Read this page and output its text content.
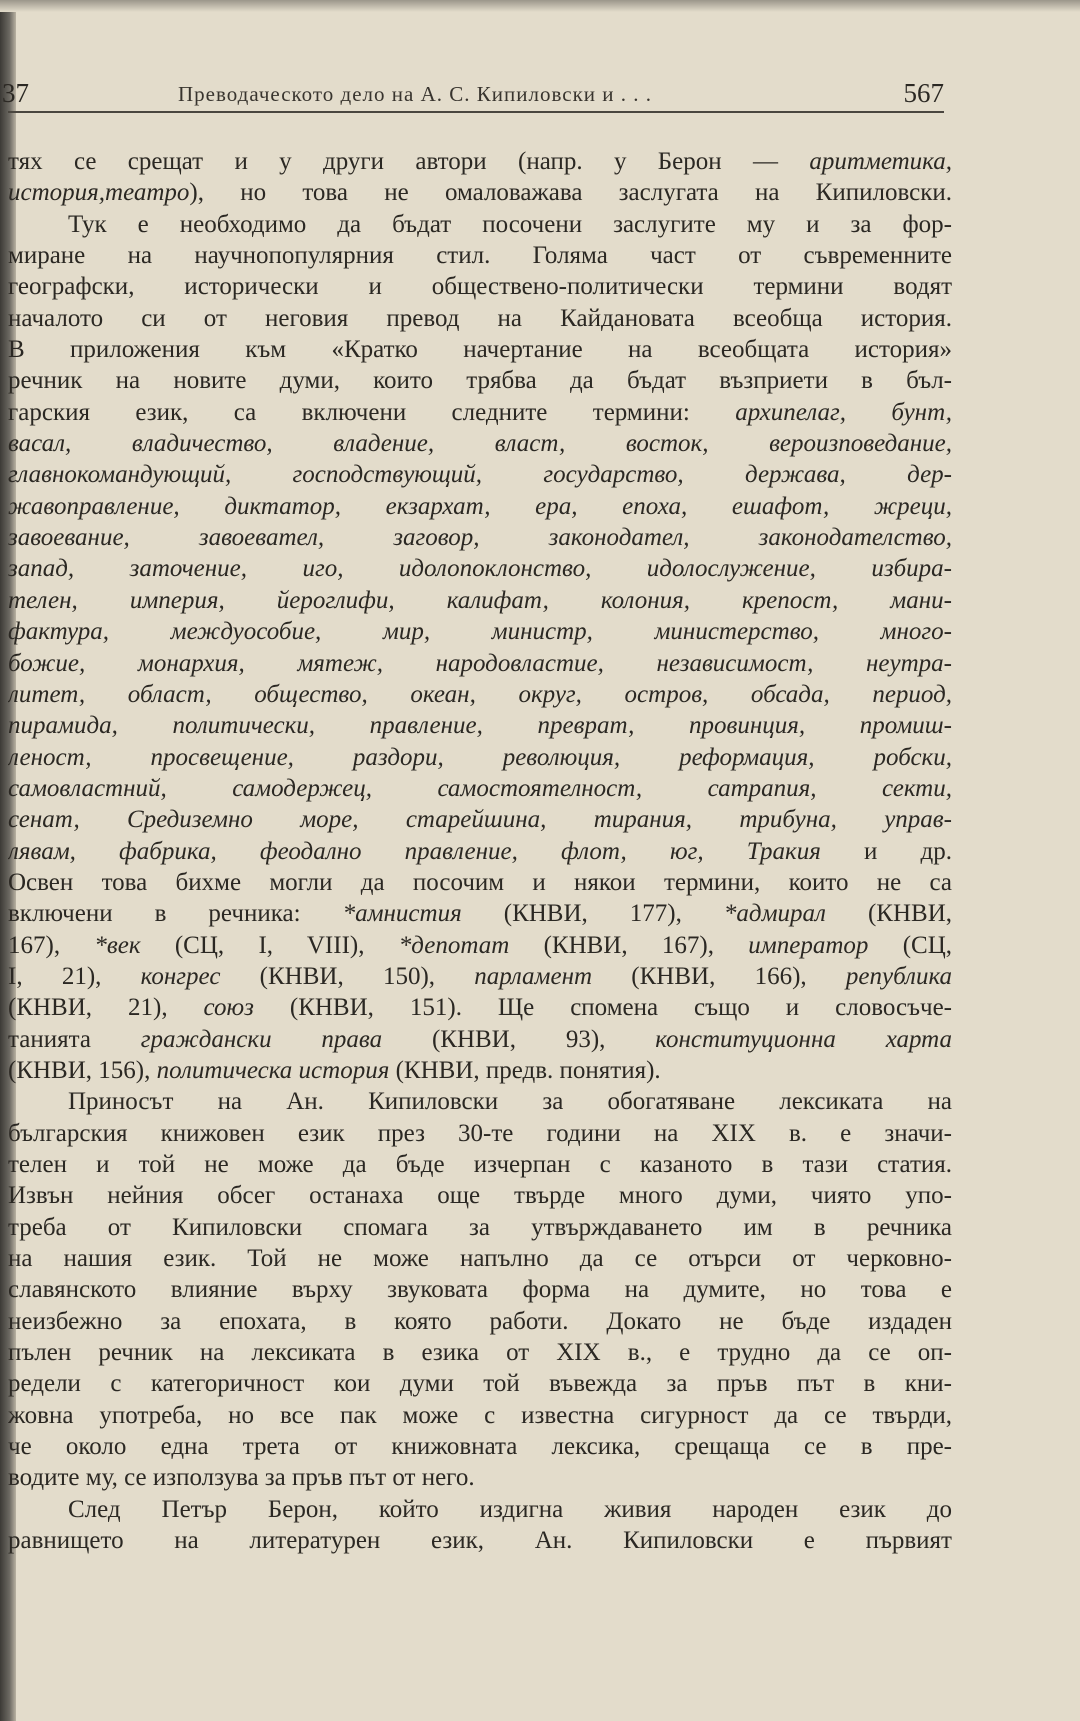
37	Преводаческото дело на А. С. Кипиловски и . . .	567
тях се срещат и у други автори (напр. у Берон — аритметика,
история,театро), но това не омаловажава заслугата на Кипиловски.
Тук е необходимо да бъдат посочени заслугите му и за фор-
миране на научнопопулярния стил. Голяма част от съвременните
географски, исторически и обществено-политически термини водят
началото си от неговия превод на Кайдановата всеобща история.
В приложения към «Кратко начертание на всеобщата история»
речник на новите думи, които трябва да бъдат възприети в бъл-
гарския език, са включени следните термини: архипелаг, бунт,
васал, владичество, владение, власт, восток, вероизповедание,
главнокомандующий, господствующий, государство, держава, дер-
жавоправление, диктатор, екзархат, ера, епоха, ешафот, жреци,
завоевание, завоевател, заговор, законодател, законодателство,
запад, заточение, иго, идолопоклонство, идолослужение, избира-
телен, империя, йероглифи, калифат, колония, крепост, мани-
фактура, междуособие, мир, министр, министерство, много-
божие, монархия, мятеж, народовластие, независимост, неутра-
литет, област, общество, океан, округ, остров, обсада, период,
пирамида, политически, правление, преврат, провинция, промиш-
леност, просвещение, раздори, революция, реформация, робски,
самовластний, самодержец, самостоятелност, сатрапия, секти,
сенат, Средиземно море, старейшина, тирания, трибуна, управ-
лявам, фабрика, феодално правление, флот, юг, Тракия и др.
Освен това бихме могли да посочим и някои термини, които не са
включени в речника: *амнистия (КНВИ, 177), *адмирал (КНВИ,
167), *век (СЦ, I, VIII), *депотат (КНВИ, 167), император (СЦ,
I, 21), конгрес (КНВИ, 150), парламент (КНВИ, 166), република
(КНВИ, 21), союз (КНВИ, 151). Ще спомена също и словосъче-
танията граждански права (КНВИ, 93), конституционна харта
(КНВИ, 156), политическа история (КНВИ, предв. понятия).
Приносът на Ан. Кипиловски за обогатяване лексиката на
българския книжовен език през 30-те години на XIX в. е значи-
телен и той не може да бъде изчерпан с казаното в тази статия.
Извън нейния обсег останаха още твърде много думи, чиято упо-
треба от Кипиловски спомага за утвърждаването им в речника
на нашия език. Той не може напълно да се отърси от черковно-
славянското влияние върху звуковата форма на думите, но това е
неизбежно за епохата, в която работи. Докато не бъде издаден
пълен речник на лексиката в езика от XIX в., е трудно да се оп-
редели с категоричност кои думи той въвежда за пръв път в кни-
жовна употреба, но все пак може с известна сигурност да се твърди,
че около една трета от книжовната лексика, срещаща се в пре-
водите му, се използува за пръв път от него.
След Петър Берон, който издигна живия народен език до
равнището на литературен език, Ан. Кипиловски е първият
